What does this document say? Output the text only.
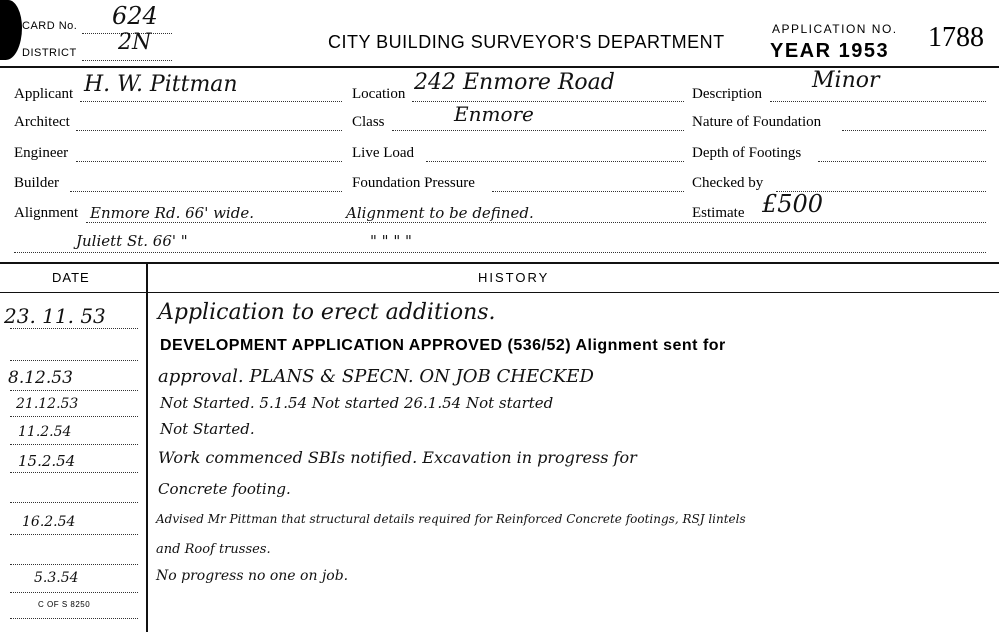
CARD No. 624
DISTRICT 2N	CITY BUILDING SURVEYOR'S DEPARTMENT
APPLICATION NO.
YEAR 1953 1788
Applicant H. W. Pittman
Architect
Engineer
Builder
Alignment Enmore Rd. 66' wide.	Alignment to be defined.
Juliett St. 66' "	" " " "
Location 242 Enmore Road
Class	Enmore
Live Load
Foundation Pressure
Description
Minor
Nature of Foundation
Depth of Footings
Checked by
Estimate £500
DATE	HISTORY
23. 11. 53 Application to erect additions.
DEVELOPMENT APPLICATION APPROVED (536/52) Alignment sent for
8.12.53	approval. PLANS & SPECN. ON JOB CHECKED
21.12.53	Not Started. 5.1.54 Not started 26.1.54 Not started
11.2.54	Not Started.
15.2.54	Work commenced SBIs notified. Excavation in progress for
Concrete footing.
16.2.54	Advised Mr Pittman that structural details required for Reinforced Concrete footings, RSJ lintels
and Roof trusses.
5.3.54	No progress no one on job.
C OF S 8250
